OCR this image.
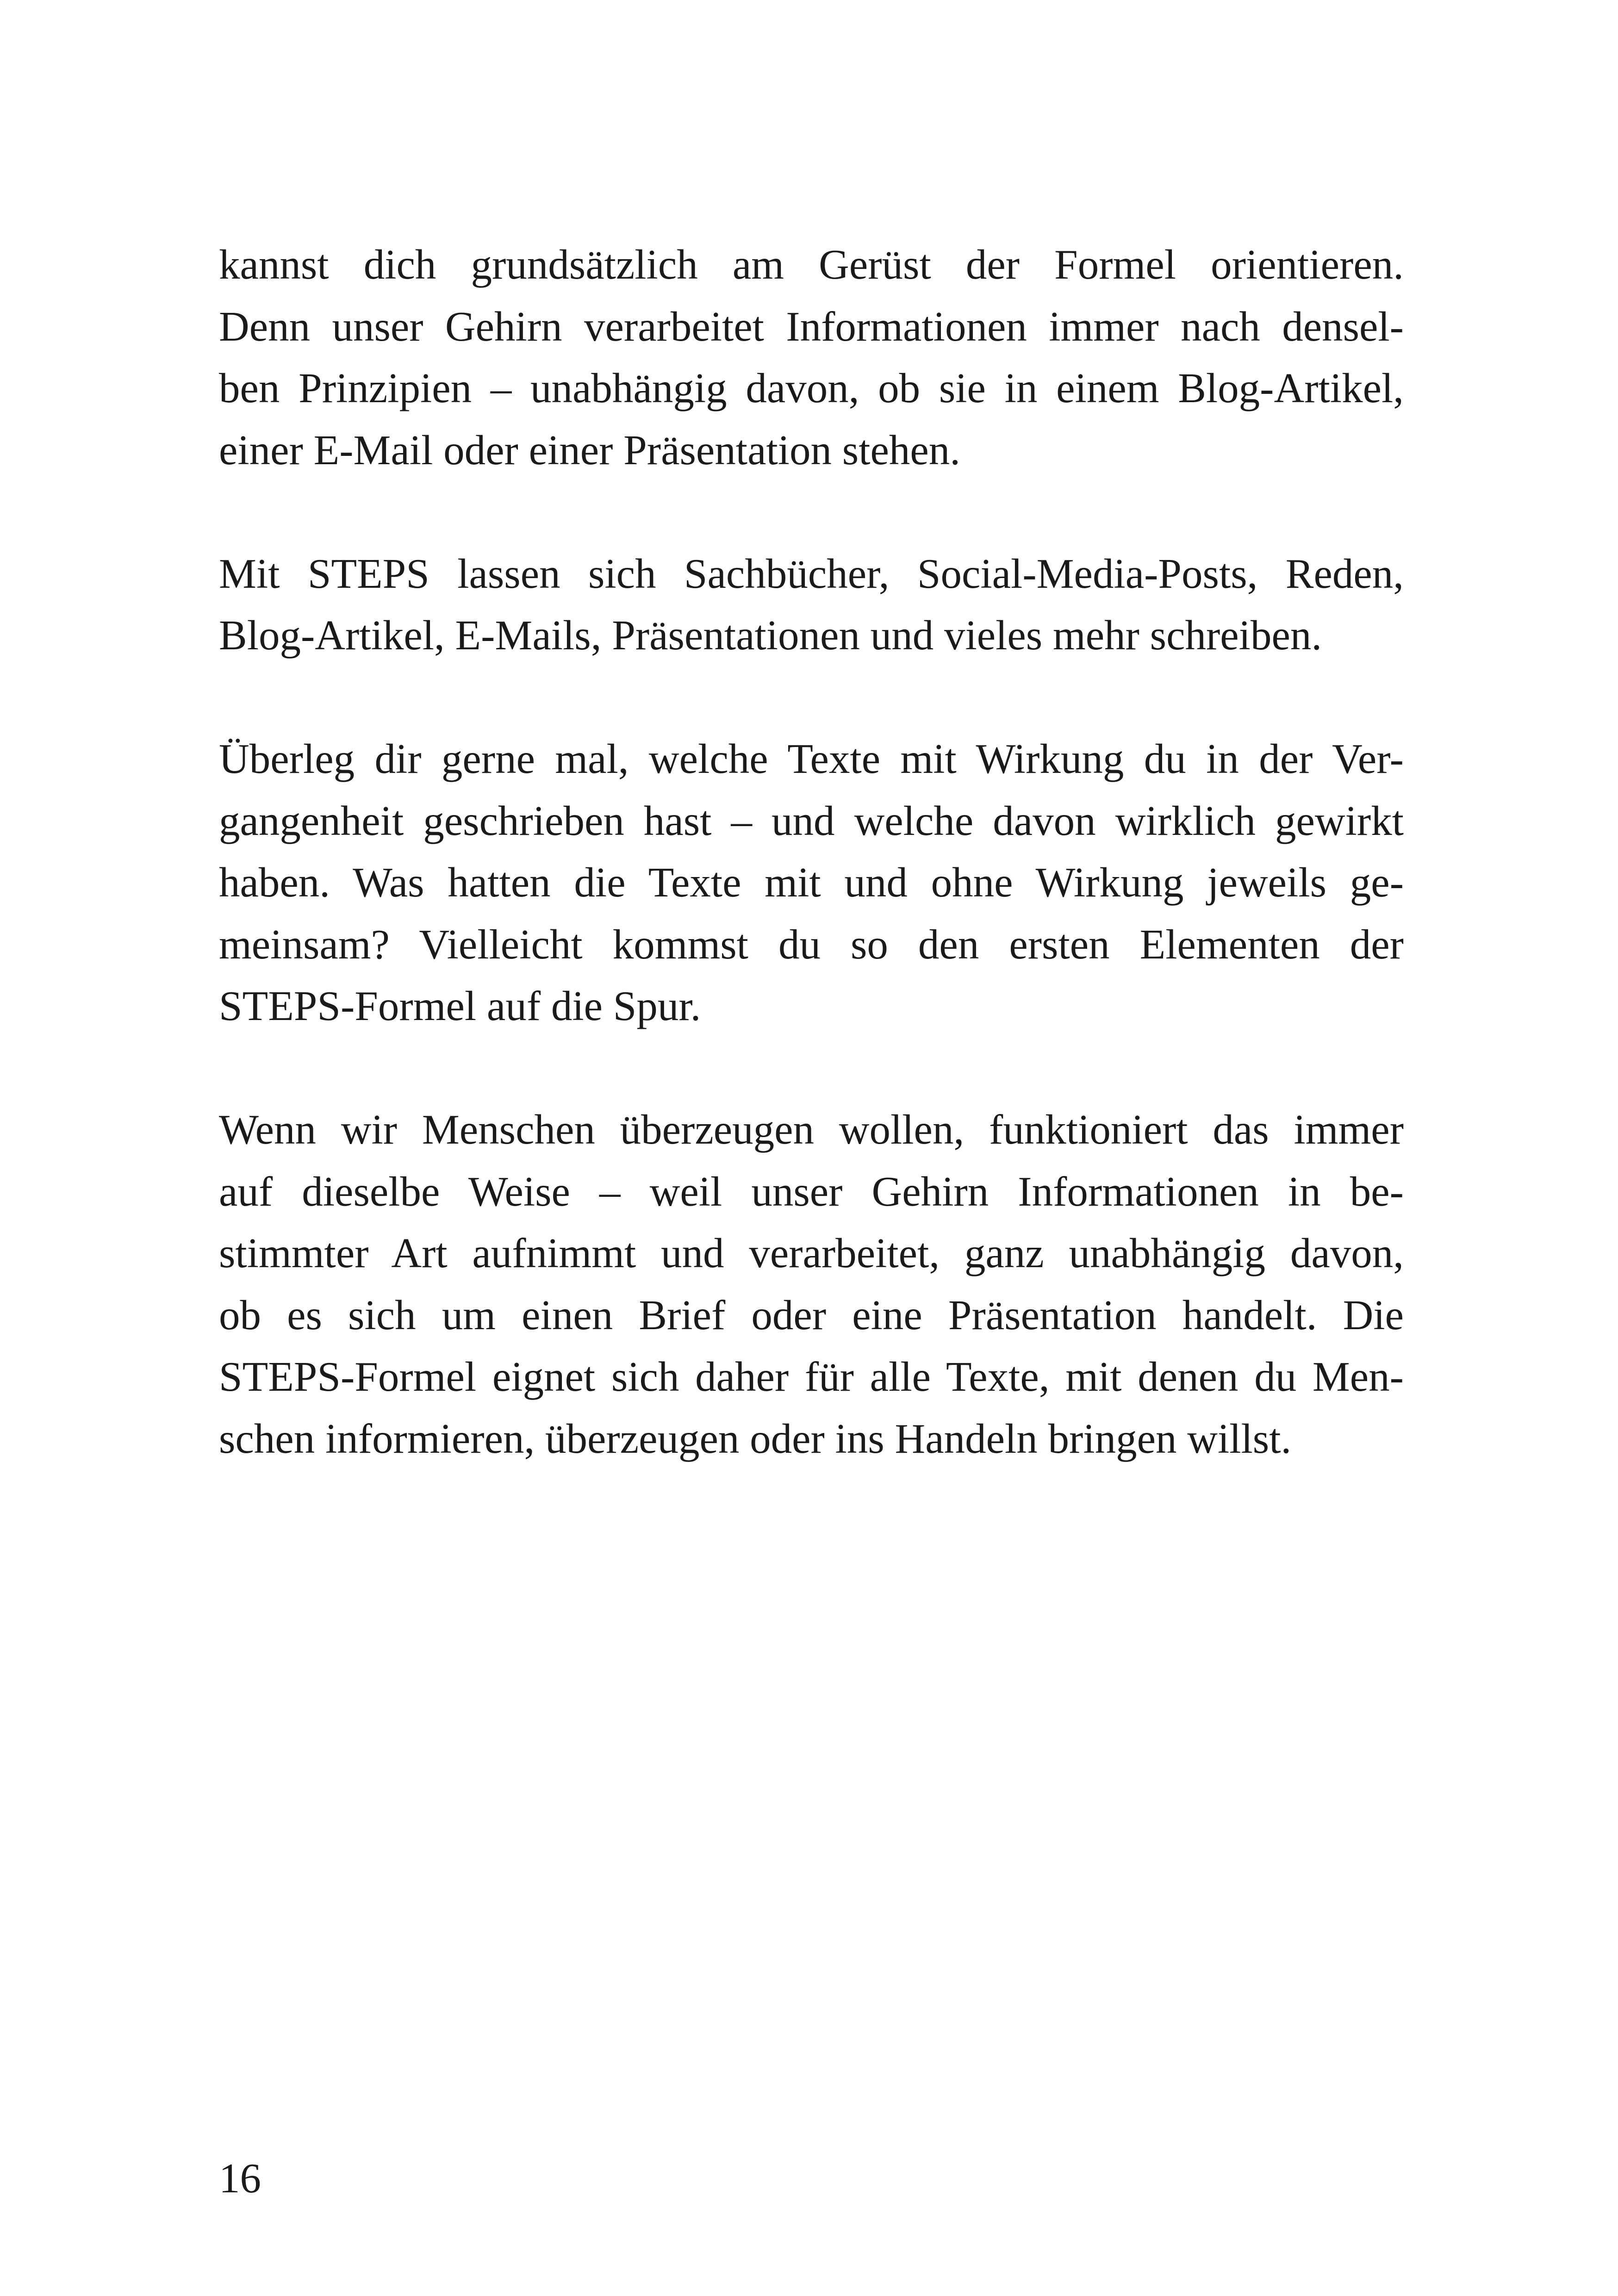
kannst dich grundsätzlich am Gerüst der Formel orientieren.
Denn unser Gehirn verarbeitet Informationen immer nach densel-
ben Prinzipien – unabhängig davon, ob sie in einem Blog-Artikel,
einer E-Mail oder einer Präsentation stehen.

Mit STEPS lassen sich Sachbücher, Social-Media-Posts, Reden,
Blog-Artikel, E-Mails, Präsentationen und vieles mehr schreiben.

Überleg dir gerne mal, welche Texte mit Wirkung du in der Ver-
gangenheit geschrieben hast – und welche davon wirklich gewirkt
haben. Was hatten die Texte mit und ohne Wirkung jeweils ge-
meinsam? Vielleicht kommst du so den ersten Elementen der
STEPS-Formel auf die Spur.

Wenn wir Menschen überzeugen wollen, funktioniert das immer
auf dieselbe Weise – weil unser Gehirn Informationen in be-
stimmter Art aufnimmt und verarbeitet, ganz unabhängig davon,
ob es sich um einen Brief oder eine Präsentation handelt. Die
STEPS-Formel eignet sich daher für alle Texte, mit denen du Men-
schen informieren, überzeugen oder ins Handeln bringen willst.

16
